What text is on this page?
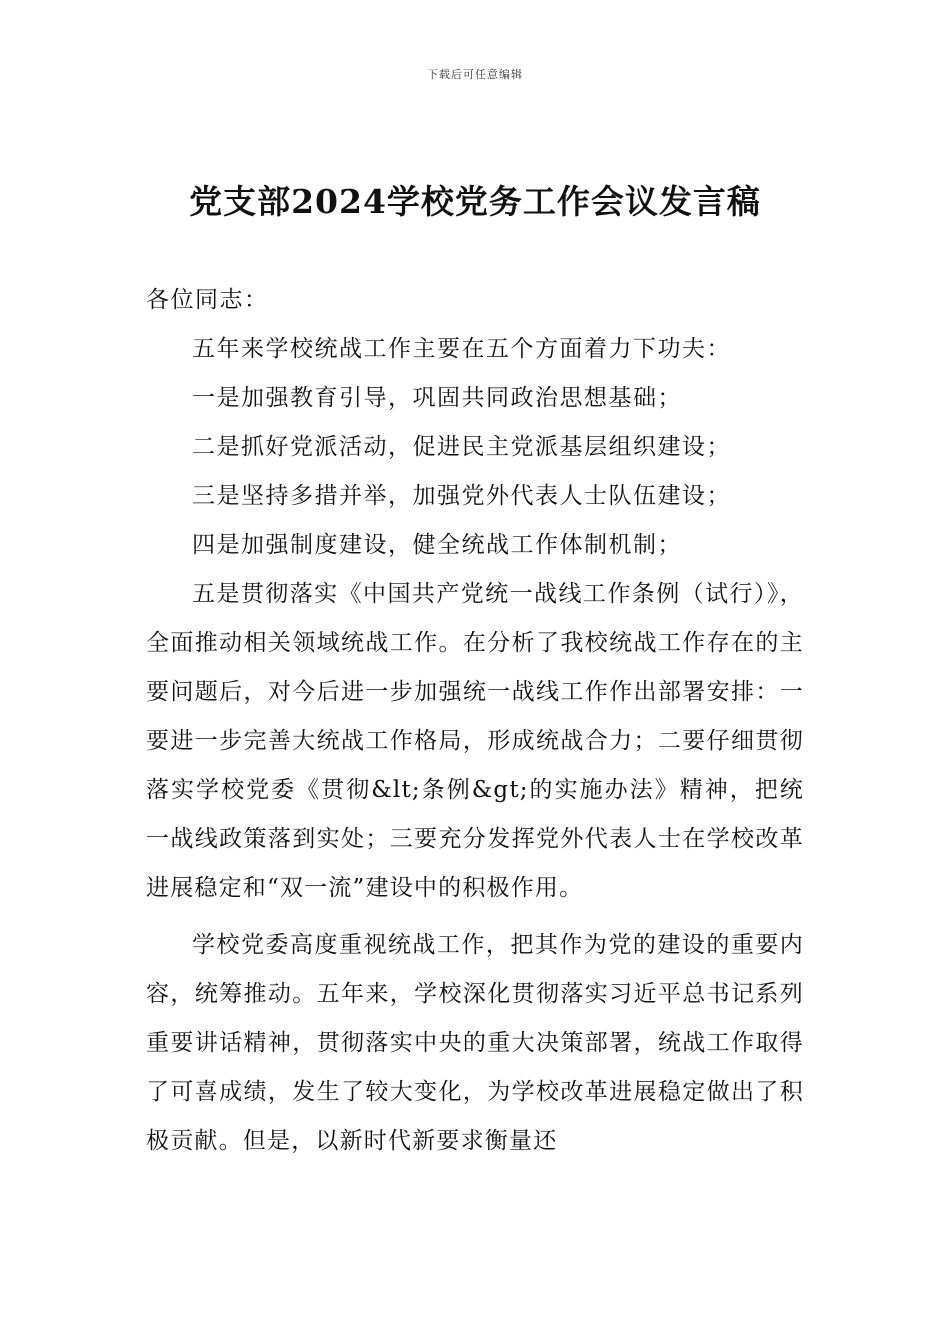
下载后可任意编辑
党支部2024学校党务工作会议发言稿

各位同志：

五年来学校统战工作主要在五个方面着力下功夫：

一是加强教育引导，巩固共同政治思想基础；

二是抓好党派活动，促进民主党派基层组织建设；

三是坚持多措并举，加强党外代表人士队伍建设；

四是加强制度建设，健全统战工作体制机制；

五是贯彻落实《中国共产党统一战线工作条例（试行）》，全面推动相关领域统战工作。在分析了我校统战工作存在的主要问题后，对今后进一步加强统一战线工作作出部署安排：一要进一步完善大统战工作格局，形成统战合力；二要仔细贯彻落实学校党委《贯彻&lt;条例&gt;的实施办法》精神，把统一战线政策落到实处；三要充分发挥党外代表人士在学校改革进展稳定和“双一流”建设中的积极作用。

学校党委高度重视统战工作，把其作为党的建设的重要内容，统筹推动。五年来，学校深化贯彻落实习近平总书记系列重要讲话精神，贯彻落实中央的重大决策部署，统战工作取得了可喜成绩，发生了较大变化，为学校改革进展稳定做出了积极贡献。但是，以新时代新要求衡量还
